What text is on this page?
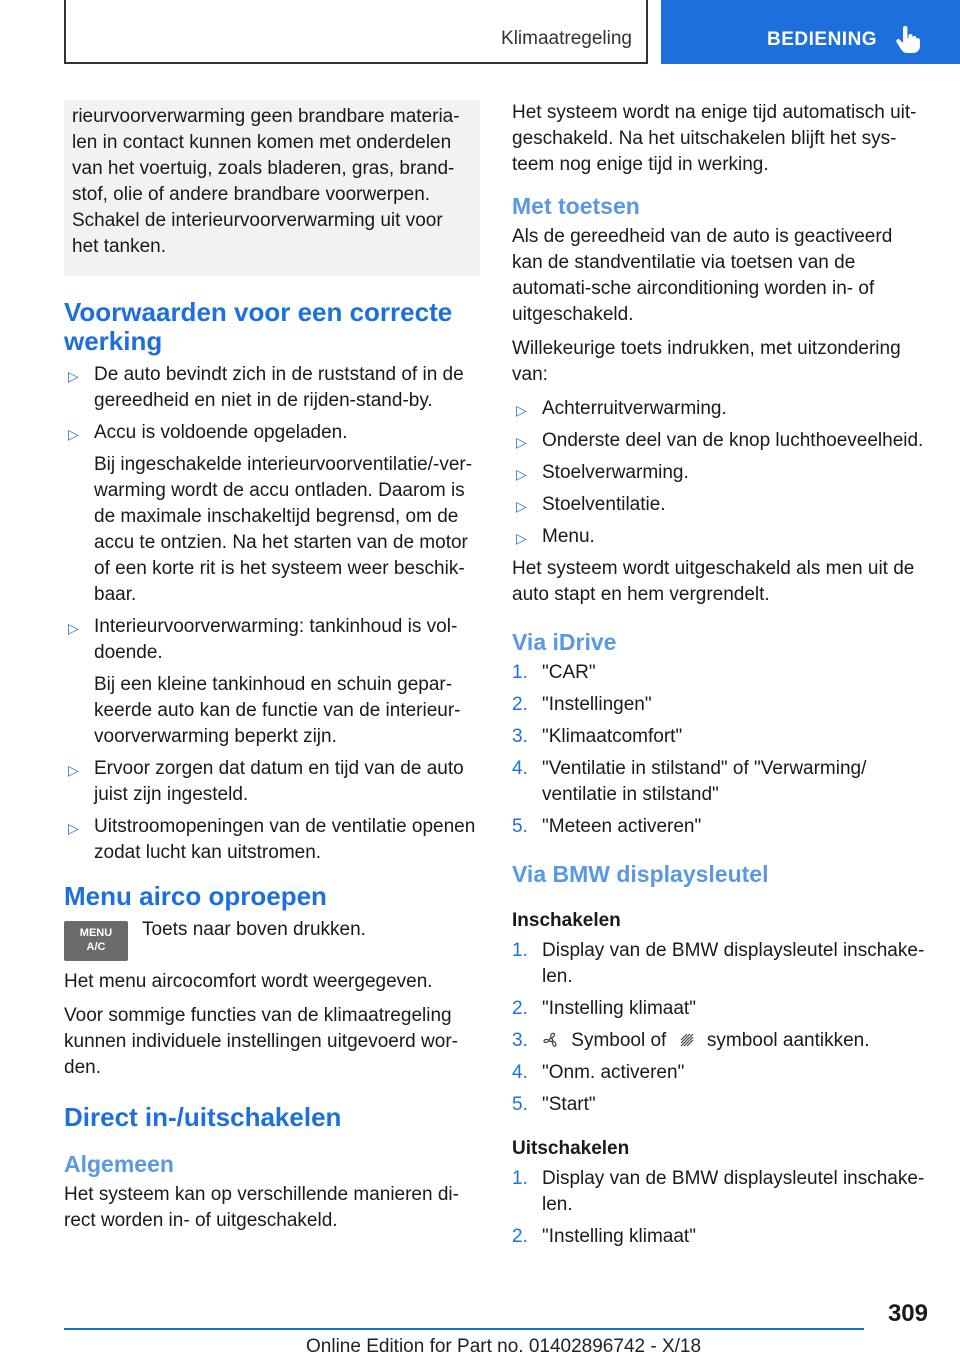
Klimaatregeling	BEDIENING

rieurvoorverwarming geen brandbare materia-

len in contact kunnen komen met onderdelen

van het voertuig, zoals bladeren, gras, brand-

stof, olie of andere brandbare voorwerpen.

Schakel de interieurvoorverwarming uit voor

het tanken.

Voorwaarden voor een correcte werking
▷ De auto bevindt zich in de ruststand of in de gereedheid en niet in de rijden-stand-by.
▷ Accu is voldoende opgeladen.
Bij ingeschakelde interieurvoorventilatie/-ver-warming wordt de accu ontladen. Daarom is de maximale inschakeltijd begrensd, om de accu te ontzien. Na het starten van de motor of een korte rit is het systeem weer beschik-baar.
▷ Interieurvoorverwarming: tankinhoud is vol-doende.
Bij een kleine tankinhoud en schuin gepar-keerde auto kan de functie van de interieur-voorverwarming beperkt zijn.
▷ Ervoor zorgen dat datum en tijd van de auto juist zijn ingesteld.
▷ Uitstroomopeningen van de ventilatie openen zodat lucht kan uitstromen.
Menu airco oproepen
MENU
A/C

Toets naar boven drukken.

Het menu aircocomfort wordt weergegeven.

Voor sommige functies van de klimaatregeling kunnen individuele instellingen uitgevoerd wor-den.

Direct in-/uitschakelen
Algemeen

Het systeem kan op verschillende manieren di-rect worden in- of uitgeschakeld.

Het systeem wordt na enige tijd automatisch uit-geschakeld. Na het uitschakelen blijft het sys-teem nog enige tijd in werking.

Met toetsen

Als de gereedheid van de auto is geactiveerd kan de standventilatie via toetsen van de automati-sche airconditioning worden in- of uitgeschakeld.

Willekeurige toets indrukken, met uitzondering van:

▷ Achterruitverwarming.
▷ Onderste deel van de knop luchthoeveelheid.
▷ Stoelverwarming.
▷ Stoelventilatie.
▷ Menu.

Het systeem wordt uitgeschakeld als men uit de auto stapt en hem vergrendelt.

Via iDrive
1. "CAR"
2. "Instellingen"
3. "Klimaatcomfort"
4. "Ventilatie in stilstand" of "Verwarming/ ventilatie in stilstand"
5. "Meteen activeren"
Via BMW displaysleutel
Inschakelen
1. Display van de BMW displaysleutel inschake-len.
2. "Instelling klimaat"
3. Symbool of symbool aantikken.
4. "Onm. activeren"
5. "Start"
Uitschakelen
1. Display van de BMW displaysleutel inschake-len.
2. "Instelling klimaat"
309
Online Edition for Part no. 01402896742 - X/18
